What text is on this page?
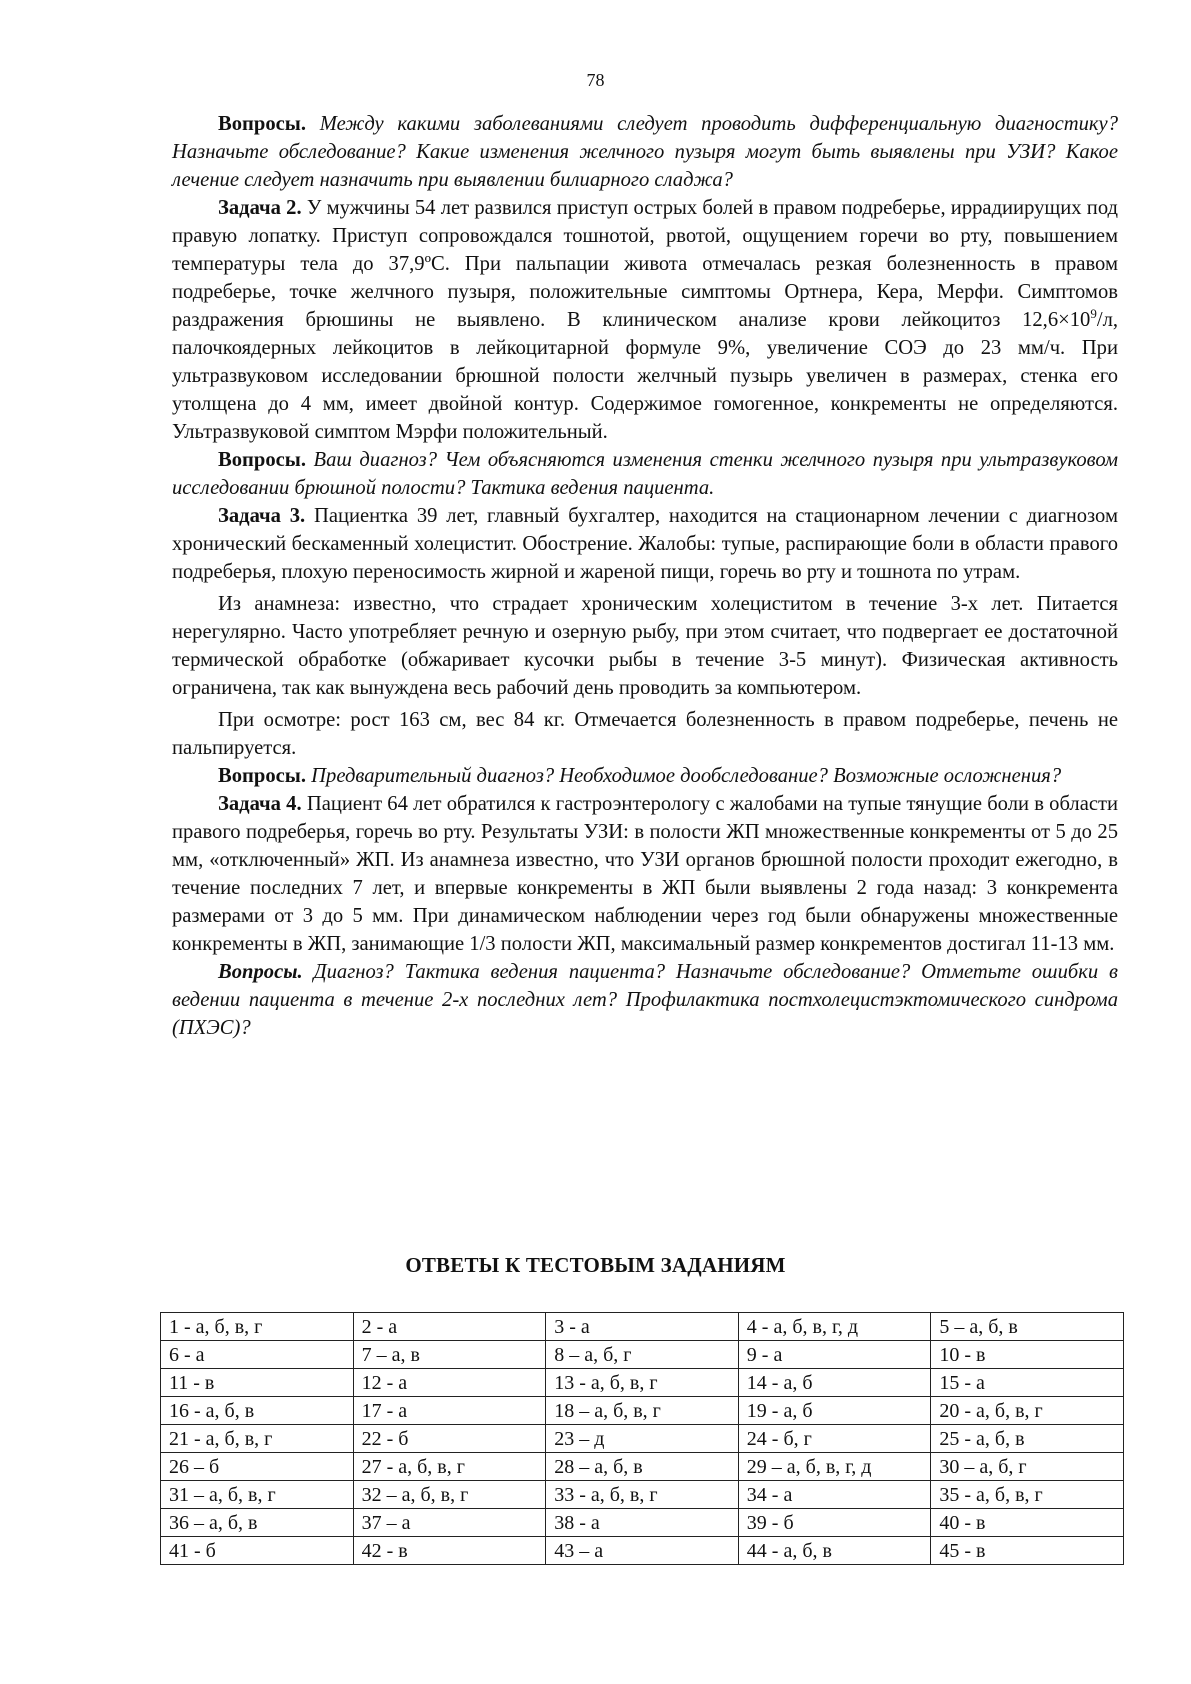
78

Вопросы. Между какими заболеваниями следует проводить дифференциальную диагностику? Назначьте обследование? Какие изменения желчного пузыря могут быть выявлены при УЗИ? Какое лечение следует назначить при выявлении билиарного сладжа?

Задача 2. У мужчины 54 лет развился приступ острых болей в правом подреберье, иррадиирущих под правую лопатку. Приступ сопровождался тошнотой, рвотой, ощущением горечи во рту, повышением температуры тела до 37,9ºС. При пальпации живота отмечалась резкая болезненность в правом подреберье, точке желчного пузыря, положительные симптомы Ортнера, Кера, Мерфи. Симптомов раздражения брюшины не выявлено. В клиническом анализе крови лейкоцитоз $12,6\times 10^9/л$, палочкоядерных лейкоцитов в лейкоцитарной формуле 9%, увеличение СОЭ до 23 мм/ч. При ультразвуковом исследовании брюшной полости желчный пузырь увеличен в размерах, стенка его утолщена до 4 мм, имеет двойной контур. Содержимое гомогенное, конкременты не определяются. Ультразвуковой симптом Мэрфи положительный.

Вопросы. Ваш диагноз? Чем объясняются изменения стенки желчного пузыря при ультразвуковом исследовании брюшной полости? Тактика ведения пациента.

Задача 3. Пациентка 39 лет, главный бухгалтер, находится на стационарном лечении с диагнозом хронический бескаменный холецистит. Обострение. Жалобы: тупые, распирающие боли в области правого подреберья, плохую переносимость жирной и жареной пищи, горечь во рту и тошнота по утрам.

Из анамнеза: известно, что страдает хроническим холециститом в течение 3-х лет. Питается нерегулярно. Часто употребляет речную и озерную рыбу, при этом считает, что подвергает ее достаточной термической обработке (обжаривает кусочки рыбы в течение 3-5 минут). Физическая активность ограничена, так как вынуждена весь рабочий день проводить за компьютером.

При осмотре: рост 163 см, вес 84 кг. Отмечается болезненность в правом подреберье, печень не пальпируется.

Вопросы. Предварительный диагноз? Необходимое дообследование? Возможные осложнения?

Задача 4. Пациент 64 лет обратился к гастроэнтерологу с жалобами на тупые тянущие боли в области правого подреберья, горечь во рту. Результаты УЗИ: в полости ЖП множественные конкременты от 5 до 25 мм, «отключенный» ЖП. Из анамнеза известно, что УЗИ органов брюшной полости проходит ежегодно, в течение последних 7 лет, и впервые конкременты в ЖП были выявлены 2 года назад: 3 конкремента размерами от 3 до 5 мм. При динамическом наблюдении через год были обнаружены множественные конкременты в ЖП, занимающие 1/3 полости ЖП, максимальный размер конкрементов достигал 11-13 мм.

Вопросы. Диагноз? Тактика ведения пациента? Назначьте обследование? Отметьте ошибки в ведении пациента в течение 2-х последних лет? Профилактика постхолецистэктомического синдрома (ПХЭС)?

ОТВЕТЫ К ТЕСТОВЫМ ЗАДАНИЯМ
1 - а, б, в, г	2 - а	3 - а	4 - а, б, в, г, д	5 – а, б, в
6 - а	7 – а, в	8 – а, б, г	9 - а	10 - в
11 - в	12 - а	13 - а, б, в, г	14 - а, б	15 - а
16 - а, б, в	17 - а	18 – а, б, в, г	19 - а, б	20 - а, б, в, г
21 - а, б, в, г	22 - б	23 – д	24 - б, г	25 - а, б, в
26 – б	27 - а, б, в, г	28 – а, б, в	29 – а, б, в, г, д	30 – а, б, г
31 – а, б, в, г	32 – а, б, в, г	33 - а, б, в, г	34 - а	35 - а, б, в, г
36 – а, б, в	37 – а	38 - а	39 - б	40 - в
41 - б	42 - в	43 – а	44 - а, б, в	45 - в
